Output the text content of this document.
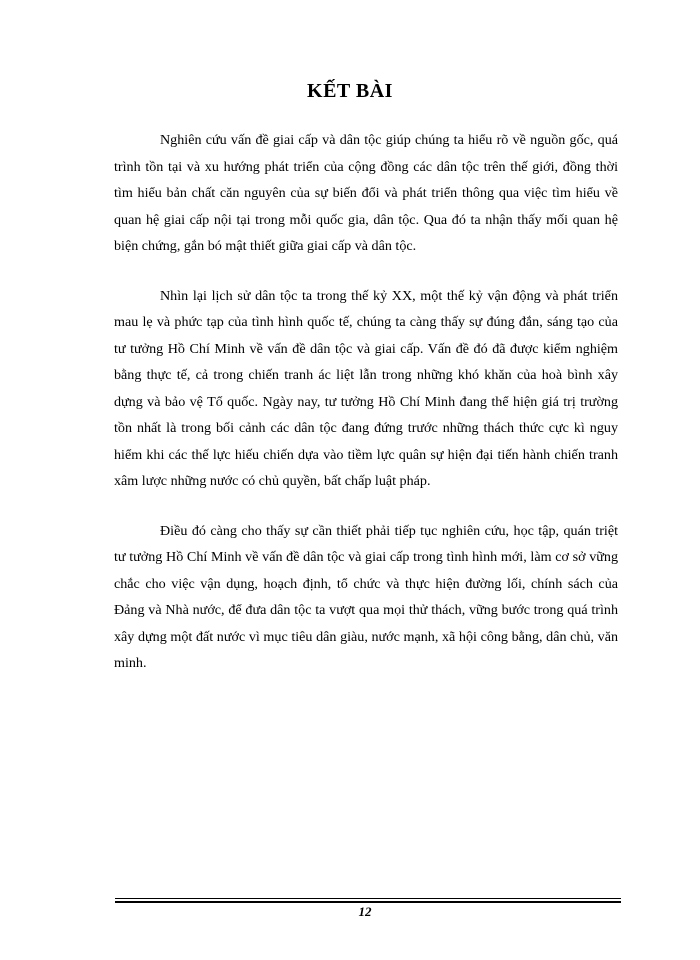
KẾT BÀI

Nghiên cứu vấn đề giai cấp và dân tộc giúp chúng ta hiểu rõ về nguồn gốc, quá trình tồn tại và xu hướng phát triển của cộng đồng các dân tộc trên thế giới, đồng thời tìm hiểu bản chất căn nguyên của sự biến đổi và phát triển thông qua việc tìm hiểu về quan hệ giai cấp nội tại trong mỗi quốc gia, dân tộc. Qua đó ta nhận thấy mối quan hệ biện chứng, gắn bó mật thiết giữa giai cấp và dân tộc.

Nhìn lại lịch sử dân tộc ta trong thế kỷ XX, một thế kỷ vận động và phát triển mau lẹ và phức tạp của tình hình quốc tế, chúng ta càng thấy sự đúng đắn, sáng tạo của tư tưởng Hồ Chí Minh về vấn đề dân tộc và giai cấp. Vấn đề đó đã được kiểm nghiệm bằng thực tế, cả trong chiến tranh ác liệt lẫn trong những khó khăn của hoà bình xây dựng và bảo vệ Tổ quốc. Ngày nay, tư tưởng Hồ Chí Minh đang thể hiện giá trị trường tồn nhất là trong bối cảnh các dân tộc đang đứng trước những thách thức cực kì nguy hiểm khi các thế lực hiếu chiến dựa vào tiềm lực quân sự hiện đại tiến hành chiến tranh xâm lược những nước có chủ quyền, bất chấp luật pháp.

Điều đó càng cho thấy sự cần thiết phải tiếp tục nghiên cứu, học tập, quán triệt tư tưởng Hồ Chí Minh về vấn đề dân tộc và giai cấp trong tình hình mới, làm cơ sở vững chắc cho việc vận dụng, hoạch định, tổ chức và thực hiện đường lối, chính sách của Đảng và Nhà nước, để đưa dân tộc ta vượt qua mọi thử thách, vững bước trong quá trình xây dựng một đất nước vì mục tiêu dân giàu, nước mạnh, xã hội công bằng, dân chủ, văn minh.

12
